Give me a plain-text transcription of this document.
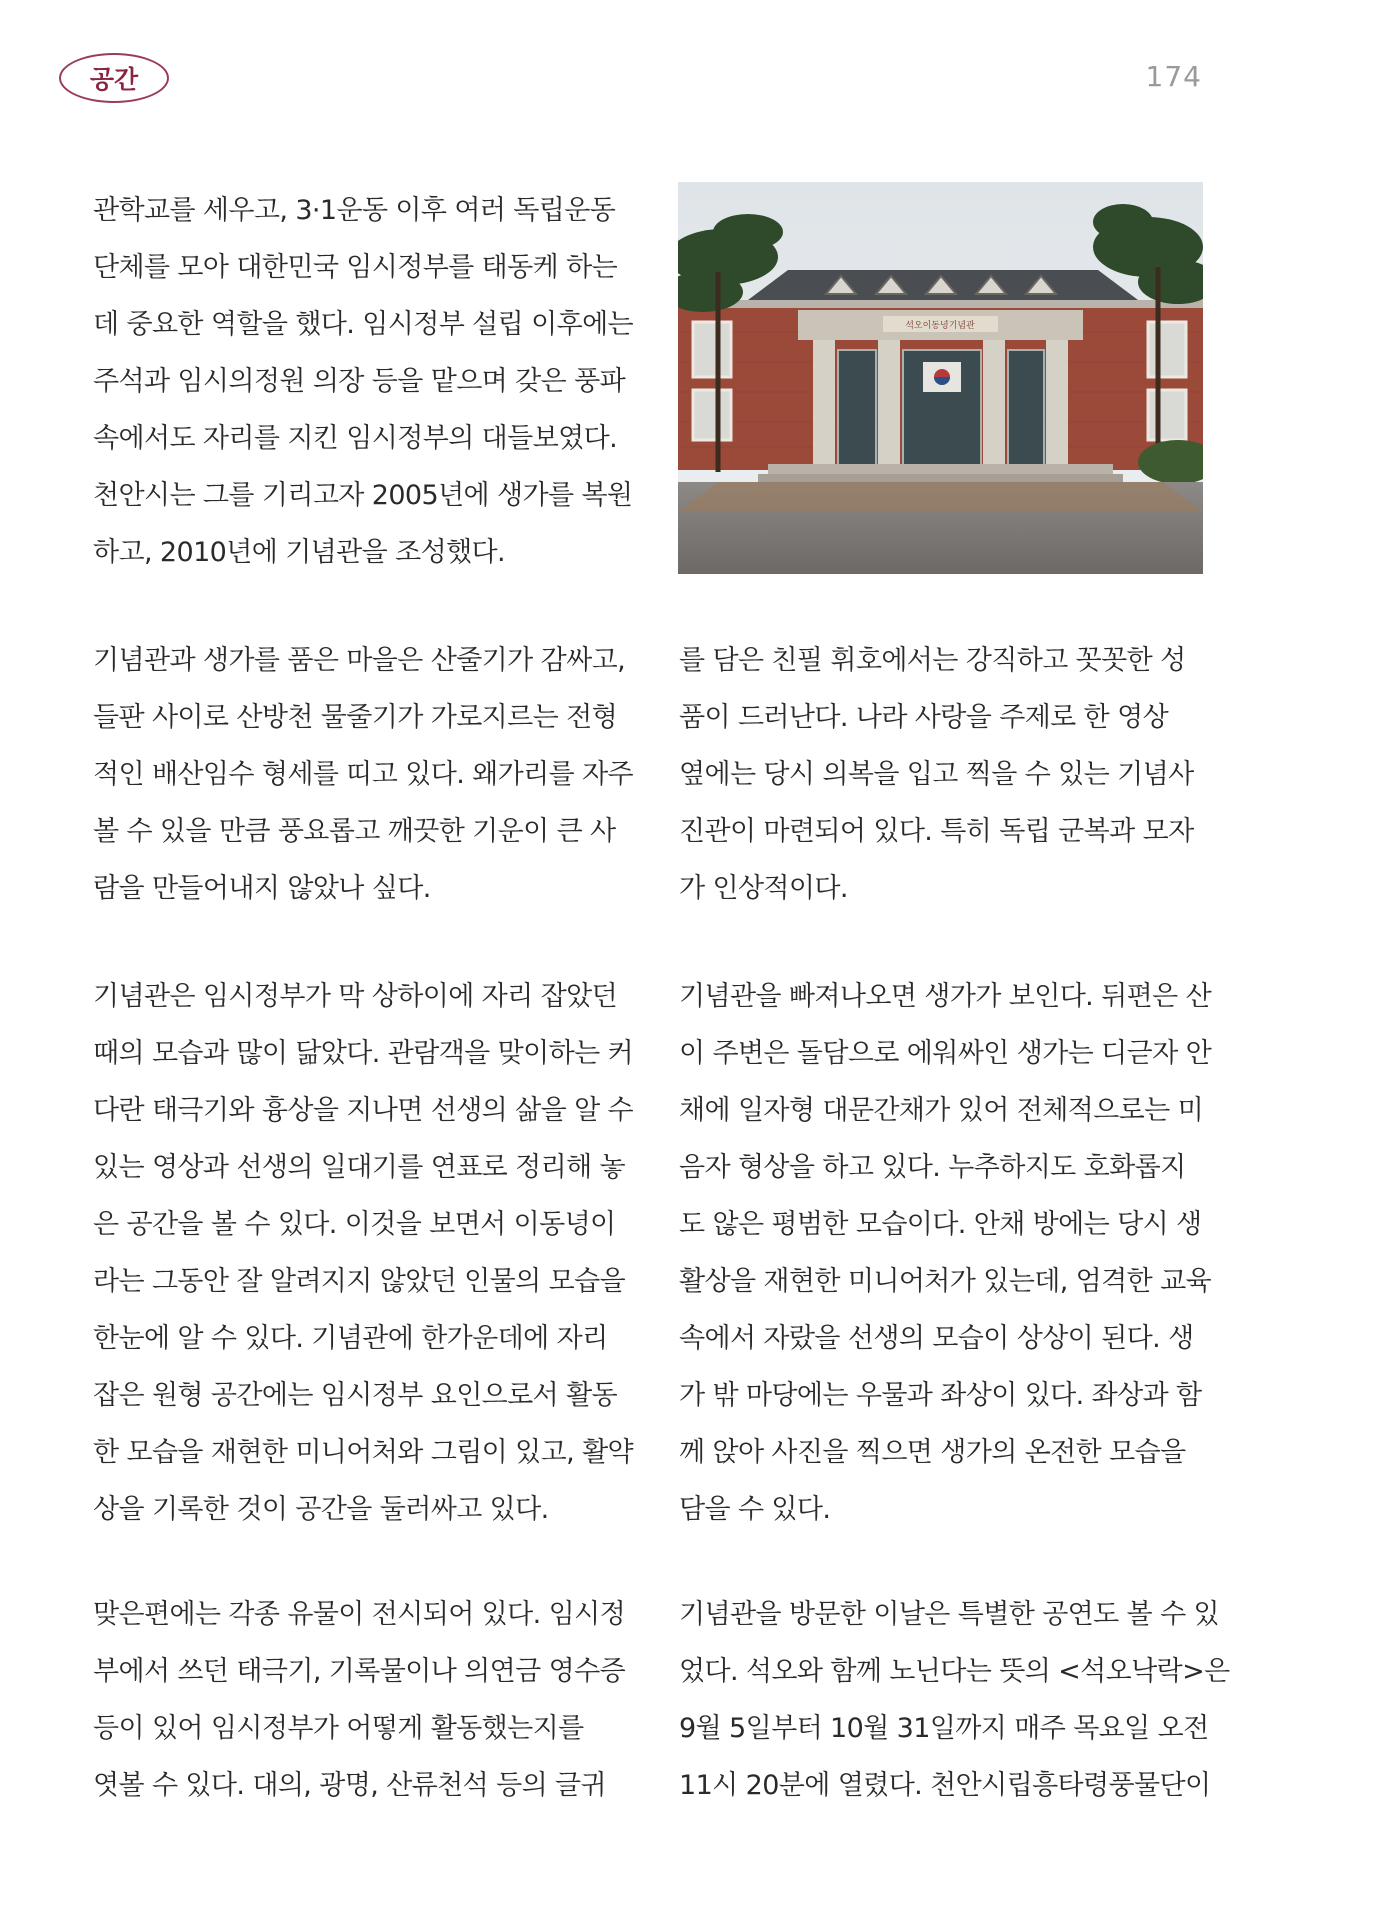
공간	174
석오이동녕기념관
관학교를 세우고, 3·1운동 이후 여러 독립운동
단체를 모아 대한민국 임시정부를 태동케 하는
데 중요한 역할을 했다. 임시정부 설립 이후에는
주석과 임시의정원 의장 등을 맡으며 갖은 풍파
속에서도 자리를 지킨 임시정부의 대들보였다.
천안시는 그를 기리고자 2005년에 생가를 복원
하고, 2010년에 기념관을 조성했다.
기념관과 생가를 품은 마을은 산줄기가 감싸고,
들판 사이로 산방천 물줄기가 가로지르는 전형
적인 배산임수 형세를 띠고 있다. 왜가리를 자주
볼 수 있을 만큼 풍요롭고 깨끗한 기운이 큰 사
람을 만들어내지 않았나 싶다.
기념관은 임시정부가 막 상하이에 자리 잡았던
때의 모습과 많이 닮았다. 관람객을 맞이하는 커
다란 태극기와 흉상을 지나면 선생의 삶을 알 수
있는 영상과 선생의 일대기를 연표로 정리해 놓
은 공간을 볼 수 있다. 이것을 보면서 이동녕이
라는 그동안 잘 알려지지 않았던 인물의 모습을
한눈에 알 수 있다. 기념관에 한가운데에 자리
잡은 원형 공간에는 임시정부 요인으로서 활동
한 모습을 재현한 미니어처와 그림이 있고, 활약
상을 기록한 것이 공간을 둘러싸고 있다.
맞은편에는 각종 유물이 전시되어 있다. 임시정
부에서 쓰던 태극기, 기록물이나 의연금 영수증
등이 있어 임시정부가 어떻게 활동했는지를
엿볼 수 있다. 대의, 광명, 산류천석 등의 글귀
를 담은 친필 휘호에서는 강직하고 꼿꼿한 성
품이 드러난다. 나라 사랑을 주제로 한 영상
옆에는 당시 의복을 입고 찍을 수 있는 기념사
진관이 마련되어 있다. 특히 독립 군복과 모자
가 인상적이다.
기념관을 빠져나오면 생가가 보인다. 뒤편은 산
이 주변은 돌담으로 에워싸인 생가는 디귿자 안
채에 일자형 대문간채가 있어 전체적으로는 미
음자 형상을 하고 있다. 누추하지도 호화롭지
도 않은 평범한 모습이다. 안채 방에는 당시 생
활상을 재현한 미니어처가 있는데, 엄격한 교육
속에서 자랐을 선생의 모습이 상상이 된다. 생
가 밖 마당에는 우물과 좌상이 있다. 좌상과 함
께 앉아 사진을 찍으면 생가의 온전한 모습을
담을 수 있다.
기념관을 방문한 이날은 특별한 공연도 볼 수 있
었다. 석오와 함께 노닌다는 뜻의 <석오낙락>은
9월 5일부터 10월 31일까지 매주 목요일 오전
11시 20분에 열렸다. 천안시립흥타령풍물단이
